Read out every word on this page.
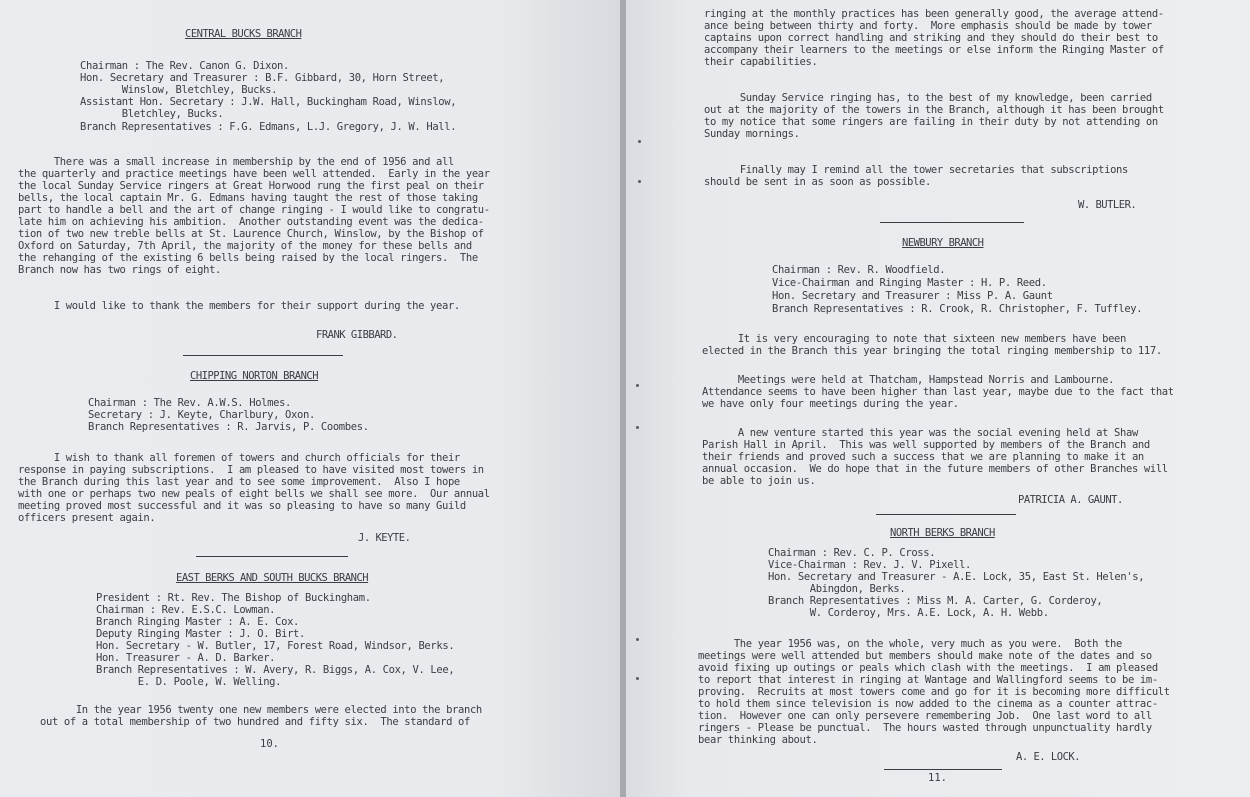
CENTRAL BUCKS BRANCH
Chairman : The Rev. Canon G. Dixon.
Hon. Secretary and Treasurer : B.F. Gibbard, 30, Horn Street,
Winslow, Bletchley, Bucks.
Assistant Hon. Secretary : J.W. Hall, Buckingham Road, Winslow,
Bletchley, Bucks.
Branch Representatives : F.G. Edmans, L.J. Gregory, J. W. Hall.
There was a small increase in membership by the end of 1956 and all
the quarterly and practice meetings have been well attended.  Early in the year
the local Sunday Service ringers at Great Horwood rung the first peal on their
bells, the local captain Mr. G. Edmans having taught the rest of those taking
part to handle a bell and the art of change ringing - I would like to congratu-
late him on achieving his ambition.  Another outstanding event was the dedica-
tion of two new treble bells at St. Laurence Church, Winslow, by the Bishop of
Oxford on Saturday, 7th April, the majority of the money for these bells and
the rehanging of the existing 6 bells being raised by the local ringers.  The
Branch now has two rings of eight.
I would like to thank the members for their support during the year.
FRANK GIBBARD.
CHIPPING NORTON BRANCH
Chairman : The Rev. A.W.S. Holmes.
Secretary : J. Keyte, Charlbury, Oxon.
Branch Representatives : R. Jarvis, P. Coombes.
I wish to thank all foremen of towers and church officials for their
response in paying subscriptions.  I am pleased to have visited most towers in
the Branch during this last year and to see some improvement.  Also I hope
with one or perhaps two new peals of eight bells we shall see more.  Our annual
meeting proved most successful and it was so pleasing to have so many Guild
officers present again.
J. KEYTE.
EAST BERKS AND SOUTH BUCKS BRANCH
President : Rt. Rev. The Bishop of Buckingham.
Chairman : Rev. E.S.C. Lowman.
Branch Ringing Master : A. E. Cox.
Deputy Ringing Master : J. O. Birt.
Hon. Secretary - W. Butler, 17, Forest Road, Windsor, Berks.
Hon. Treasurer - A. D. Barker.
Branch Representatives : W. Avery, R. Biggs, A. Cox, V. Lee,
E. D. Poole, W. Welling.
In the year 1956 twenty one new members were elected into the branch
out of a total membership of two hundred and fifty six.  The standard of
10.
ringing at the monthly practices has been generally good, the average attend-
ance being between thirty and forty.  More emphasis should be made by tower
captains upon correct handling and striking and they should do their best to
accompany their learners to the meetings or else inform the Ringing Master of
their capabilities.
Sunday Service ringing has, to the best of my knowledge, been carried
out at the majority of the towers in the Branch, although it has been brought
to my notice that some ringers are failing in their duty by not attending on
Sunday mornings.
Finally may I remind all the tower secretaries that subscriptions
should be sent in as soon as possible.
W. BUTLER.
NEWBURY BRANCH
Chairman : Rev. R. Woodfield.
Vice-Chairman and Ringing Master : H. P. Reed.
Hon. Secretary and Treasurer : Miss P. A. Gaunt
Branch Representatives : R. Crook, R. Christopher, F. Tuffley.
It is very encouraging to note that sixteen new members have been
elected in the Branch this year bringing the total ringing membership to 117.
Meetings were held at Thatcham, Hampstead Norris and Lambourne.
Attendance seems to have been higher than last year, maybe due to the fact that
we have only four meetings during the year.
A new venture started this year was the social evening held at Shaw
Parish Hall in April.  This was well supported by members of the Branch and
their friends and proved such a success that we are planning to make it an
annual occasion.  We do hope that in the future members of other Branches will
be able to join us.
PATRICIA A. GAUNT.
NORTH BERKS BRANCH
Chairman : Rev. C. P. Cross.
Vice-Chairman : Rev. J. V. Pixell.
Hon. Secretary and Treasurer - A.E. Lock, 35, East St. Helen's,
Abingdon, Berks.
Branch Representatives : Miss M. A. Carter, G. Corderoy,
W. Corderoy, Mrs. A.E. Lock, A. H. Webb.
The year 1956 was, on the whole, very much as you were.  Both the
meetings were well attended but members should make note of the dates and so
avoid fixing up outings or peals which clash with the meetings.  I am pleased
to report that interest in ringing at Wantage and Wallingford seems to be im-
proving.  Recruits at most towers come and go for it is becoming more difficult
to hold them since television is now added to the cinema as a counter attrac-
tion.  However one can only persevere remembering Job.  One last word to all
ringers - Please be punctual.  The hours wasted through unpunctuality hardly
bear thinking about.
A. E. LOCK.
11.
